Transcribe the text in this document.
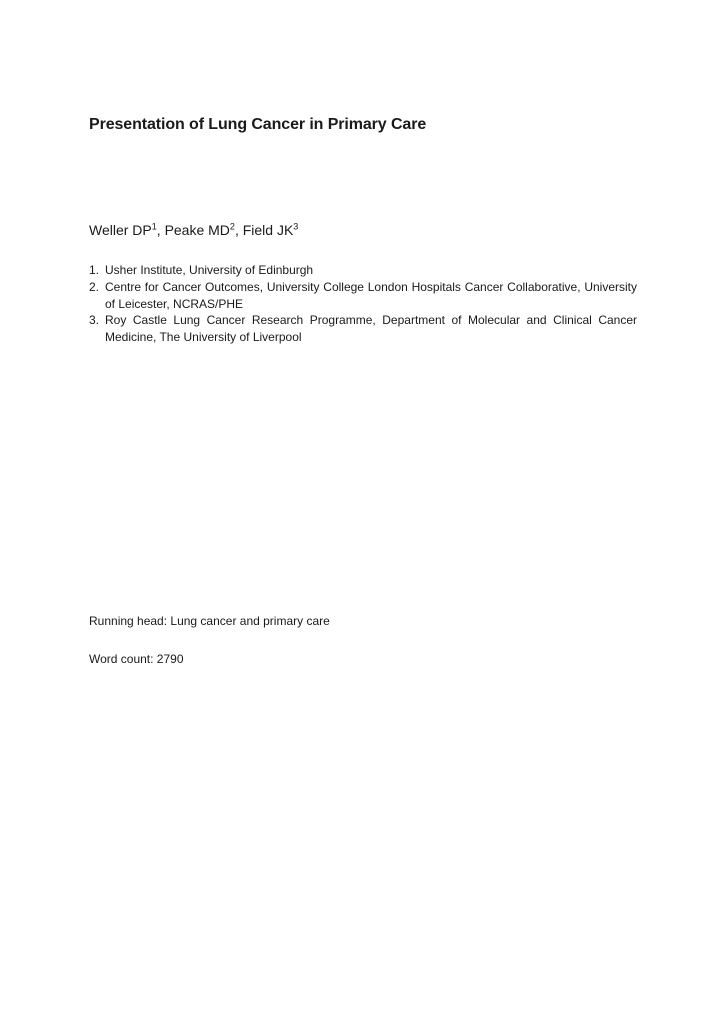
Presentation of Lung Cancer in Primary Care
Weller $DP^1$, Peake $MD^2$, Field $JK^3$
1. Usher Institute, University of Edinburgh
2. Centre for Cancer Outcomes, University College London Hospitals Cancer Collaborative, University of Leicester, NCRAS/PHE
3. Roy Castle Lung Cancer Research Programme, Department of Molecular and Clinical Cancer Medicine, The University of Liverpool
Running head: Lung cancer and primary care
Word count: 2790
